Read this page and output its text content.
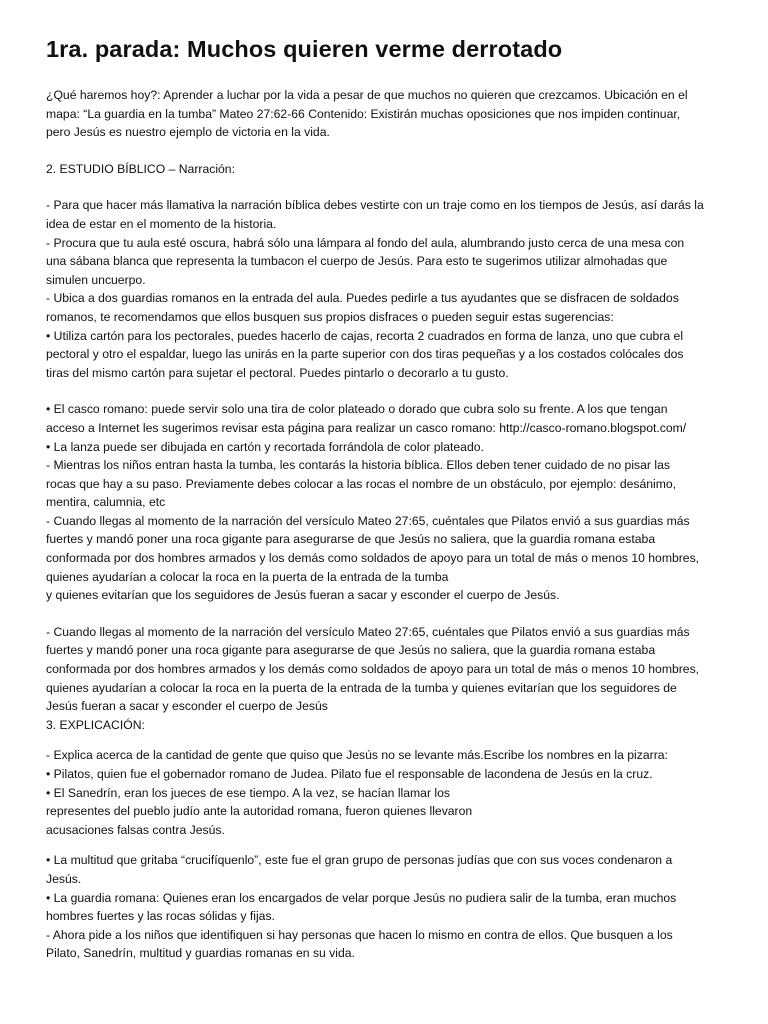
1ra. parada: Muchos quieren verme derrotado
¿Qué haremos hoy?: Aprender a luchar por la vida a pesar de que muchos no quieren que crezcamos. Ubicación en el
mapa: “La guardia en la tumba” Mateo 27:62-66 Contenido: Existirán muchas oposiciones que nos impiden continuar,
pero Jesús es nuestro ejemplo de victoria en la vida.
2. ESTUDIO BÍBLICO – Narración:
- Para que hacer más llamativa la narración bíblica debes vestirte con un traje como en los tiempos de Jesús, así darás la
idea de estar en el momento de la historia.
- Procura que tu aula esté oscura, habrá sólo una lámpara al fondo del aula, alumbrando justo cerca de una mesa con
una sábana blanca que representa la tumbacon el cuerpo de Jesús. Para esto te sugerimos utilizar almohadas que
simulen uncuerpo.
- Ubica a dos guardias romanos en la entrada del aula. Puedes pedirle a tus ayudantes que se disfracen de soldados
romanos, te recomendamos que ellos busquen sus propios disfraces o pueden seguir estas sugerencias:
• Utiliza cartón para los pectorales, puedes hacerlo de cajas, recorta 2 cuadrados en forma de lanza, uno que cubra el
pectoral y otro el espaldar, luego las unirás en la parte superior con dos tiras pequeñas y a los costados colócales dos
tiras del mismo cartón para sujetar el pectoral. Puedes pintarlo o decorarlo a tu gusto.
• El casco romano: puede servir solo una tira de color plateado o dorado que cubra solo su frente. A los que tengan
acceso a Internet les sugerimos revisar esta página para realizar un casco romano: http://casco-romano.blogspot.com/
• La lanza puede ser dibujada en cartón y recortada forrándola de color plateado.
- Mientras los niños entran hasta la tumba, les contarás la historia bíblica. Ellos deben tener cuidado de no pisar las
rocas que hay a su paso. Previamente debes colocar a las rocas el nombre de un obstáculo, por ejemplo: desánimo,
mentira, calumnia, etc
- Cuando llegas al momento de la narración del versículo Mateo 27:65, cuéntales que Pilatos envió a sus guardias más
fuertes y mandó poner una roca gigante para asegurarse de que Jesús no saliera, que la guardia romana estaba
conformada por dos hombres armados y los demás como soldados de apoyo para un total de más o menos 10 hombres,
quienes ayudarían a colocar la roca en la puerta de la entrada de la tumba
y quienes evitarían que los seguidores de Jesús fueran a sacar y esconder el cuerpo de Jesús.
- Cuando llegas al momento de la narración del versículo Mateo 27:65, cuéntales que Pilatos envió a sus guardias más
fuertes y mandó poner una roca gigante para asegurarse de que Jesús no saliera, que la guardia romana estaba
conformada por dos hombres armados y los demás como soldados de apoyo para un total de más o menos 10 hombres,
quienes ayudarían a colocar la roca en la puerta de la entrada de la tumba y quienes evitarían que los seguidores de
Jesús fueran a sacar y esconder el cuerpo de Jesús
3. EXPLICACIÓN:
- Explica acerca de la cantidad de gente que quiso que Jesús no se levante más.Escribe los nombres en la pizarra:
• Pilatos, quien fue el gobernador romano de Judea. Pilato fue el responsable de lacondena de Jesús en la cruz.
• El Sanedrín, eran los jueces de ese tiempo. A la vez, se hacían llamar los
representes del pueblo judío ante la autoridad romana, fueron quienes llevaron
acusaciones falsas contra Jesús.
• La multitud que gritaba “crucifíquenlo”, este fue el gran grupo de personas judías que con sus voces condenaron a
Jesús.
• La guardia romana: Quienes eran los encargados de velar porque Jesús no pudiera salir de la tumba, eran muchos
hombres fuertes y las rocas sólidas y fijas.
- Ahora pide a los niños que identifiquen si hay personas que hacen lo mismo en contra de ellos. Que busquen a los
Pilato, Sanedrín, multitud y guardias romanas en su vida.
